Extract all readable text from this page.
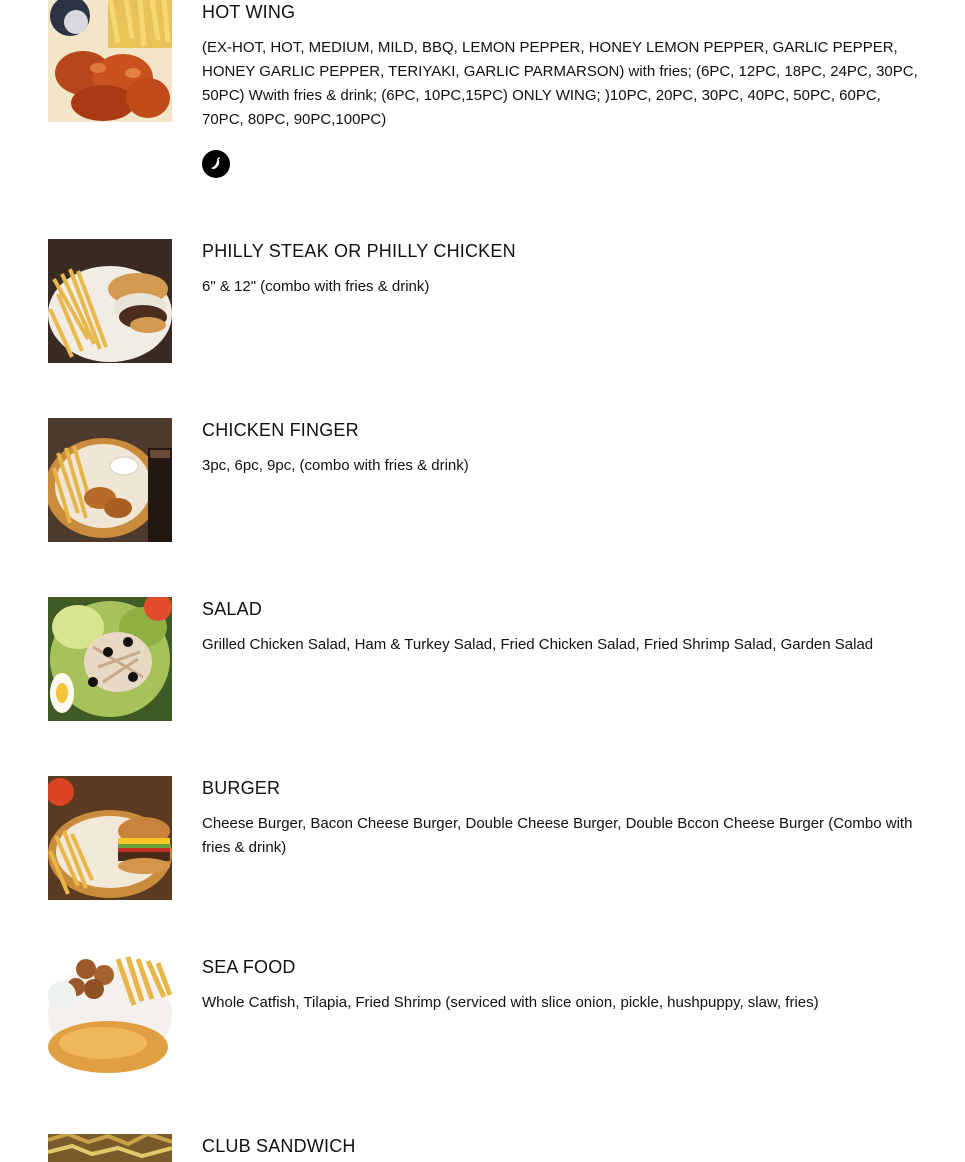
HOT WING

(EX-HOT, HOT, MEDIUM, MILD, BBQ, LEMON PEPPER, HONEY LEMON PEPPER, GARLIC PEPPER, HONEY GARLIC PEPPER, TERIYAKI, GARLIC PARMARSON) with fries; (6PC, 12PC, 18PC, 24PC, 30PC, 50PC) Wwith fries & drink; (6PC, 10PC,15PC) ONLY WING; )10PC, 20PC, 30PC, 40PC, 50PC, 60PC, 70PC, 80PC, 90PC,100PC)

PHILLY STEAK OR PHILLY CHICKEN

6" & 12" (combo with fries & drink)

CHICKEN FINGER

3pc, 6pc, 9pc, (combo with fries & drink)

SALAD

Grilled Chicken Salad, Ham & Turkey Salad, Fried Chicken Salad, Fried Shrimp Salad, Garden Salad

BURGER

Cheese Burger, Bacon Cheese Burger, Double Cheese Burger, Double Bccon Cheese Burger (Combo with fries & drink)

SEA FOOD

Whole Catfish, Tilapia, Fried Shrimp (serviced with slice onion, pickle, hushpuppy, slaw, fries)

CLUB SANDWICH
